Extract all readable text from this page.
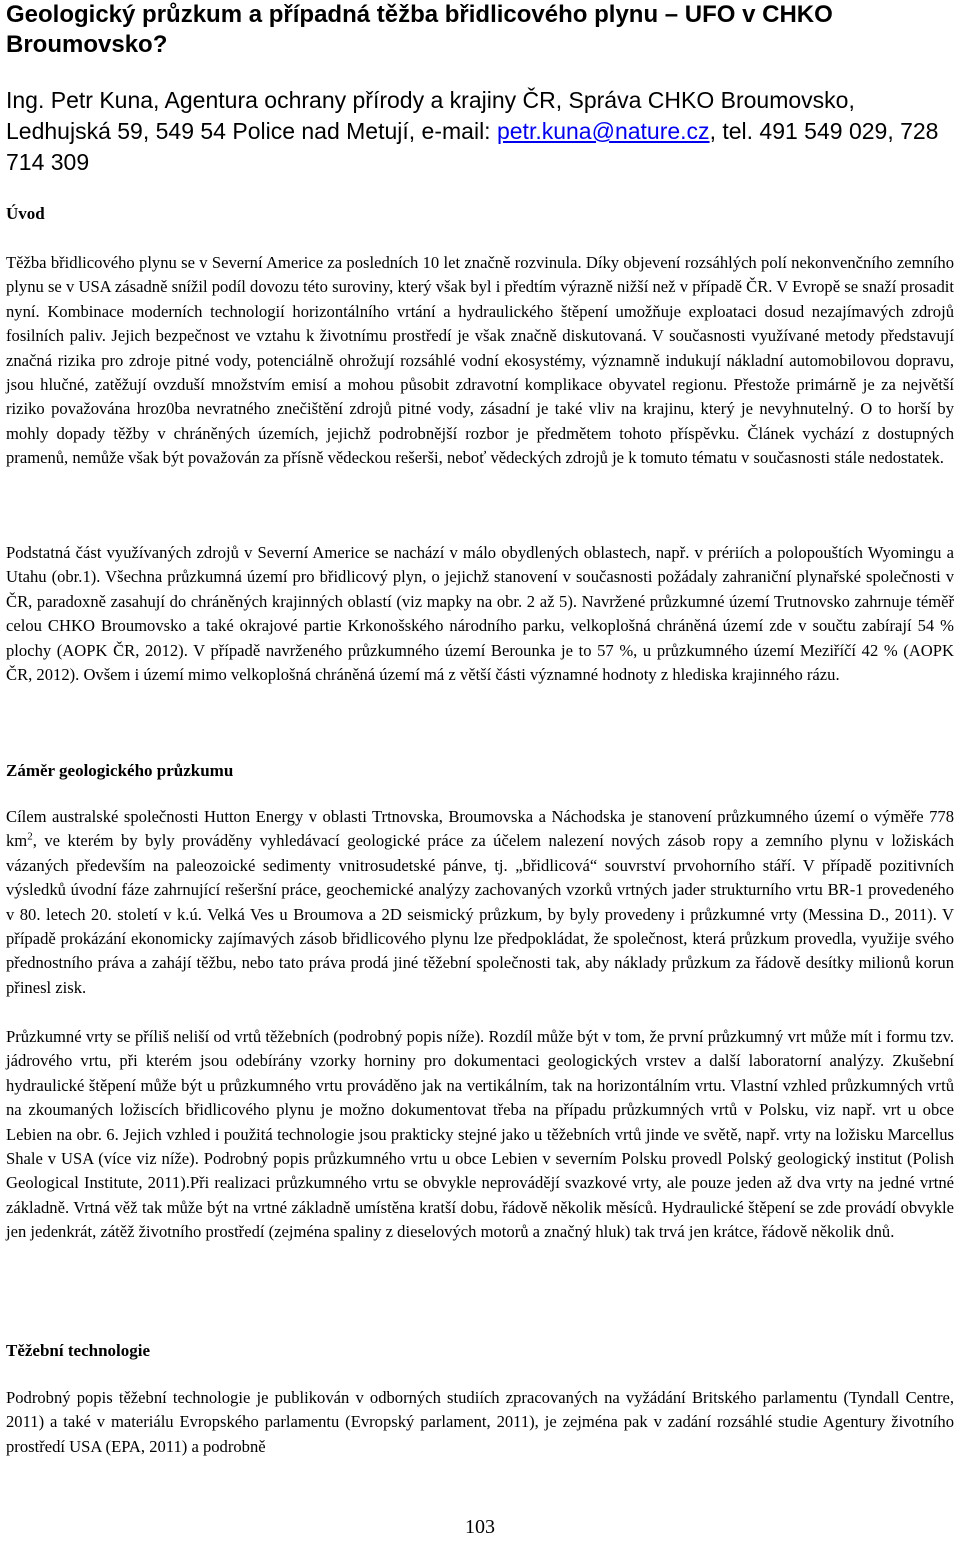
Geologický průzkum a případná těžba břidlicového plynu – UFO v CHKO Broumovsko?
Ing. Petr Kuna, Agentura ochrany přírody a krajiny ČR, Správa CHKO Broumovsko, Ledhujská 59, 549 54 Police nad Metují, e-mail: petr.kuna@nature.cz, tel. 491 549 029, 728 714 309
Úvod

Těžba břidlicového plynu se v Severní Americe za posledních 10 let značně rozvinula. Díky objevení rozsáhlých polí nekonvenčního zemního plynu se v USA zásadně snížil podíl dovozu této suroviny, který však byl i předtím výrazně nižší než v případě ČR. V Evropě se snaží prosadit nyní. Kombinace moderních technologií horizontálního vrtání a hydraulického štěpení umožňuje exploataci dosud nezajímavých zdrojů fosilních paliv. Jejich bezpečnost ve vztahu k životnímu prostředí je však značně diskutovaná. V současnosti využívané metody představují značná rizika pro zdroje pitné vody, potenciálně ohrožují rozsáhlé vodní ekosystémy, významně indukují nákladní automobilovou dopravu, jsou hlučné, zatěžují ovzduší množstvím emisí a mohou působit zdravotní komplikace obyvatel regionu. Přestože primárně je za největší riziko považována hroz0ba nevratného znečištění zdrojů pitné vody, zásadní je také vliv na krajinu, který je nevyhnutelný. O to horší by mohly dopady těžby v chráněných územích, jejichž podrobnější rozbor je předmětem tohoto příspěvku. Článek vychází z dostupných pramenů, nemůže však být považován za přísně vědeckou rešerši, neboť vědeckých zdrojů je k tomuto tématu v současnosti stále nedostatek.

Podstatná část využívaných zdrojů v Severní Americe se nachází v málo obydlených oblastech, např. v prériích a polopouštích Wyomingu a Utahu (obr.1). Všechna průzkumná území pro břidlicový plyn, o jejichž stanovení v současnosti požádaly zahraniční plynařské společnosti v ČR, paradoxně zasahují do chráněných krajinných oblastí (viz mapky na obr. 2 až 5). Navržené průzkumné území Trutnovsko zahrnuje téměř celou CHKO Broumovsko a také okrajové partie Krkonošského národního parku, velkoplošná chráněná území zde v součtu zabírají 54 % plochy (AOPK ČR, 2012). V případě navrženého průzkumného území Berounka je to 57 %, u průzkumného území Meziříčí 42 % (AOPK ČR, 2012). Ovšem i území mimo velkoplošná chráněná území má z větší části významné hodnoty z hlediska krajinného rázu.

Záměr geologického průzkumu

Cílem australské společnosti Hutton Energy v oblasti Trtnovska, Broumovska a Náchodska je stanovení průzkumného území o výměře 778 $km^2$, ve kterém by byly prováděny vyhledávací geologické práce za účelem nalezení nových zásob ropy a zemního plynu v ložiskách vázaných především na paleozoické sedimenty vnitrosudetské pánve, tj. „břidlicová“ souvrství prvohorního stáří. V případě pozitivních výsledků úvodní fáze zahrnující rešeršní práce, geochemické analýzy zachovaných vzorků vrtných jader strukturního vrtu BR-1 provedeného v 80. letech 20. století v k.ú. Velká Ves u Broumova a 2D seismický průzkum, by byly provedeny i průzkumné vrty (Messina D., 2011). V případě prokázání ekonomicky zajímavých zásob břidlicového plynu lze předpokládat, že společnost, která průzkum provedla, využije svého přednostního práva a zahájí těžbu, nebo tato práva prodá jiné těžební společnosti tak, aby náklady průzkum za řádově desítky milionů korun přinesl zisk.

Průzkumné vrty se příliš neliší od vrtů těžebních (podrobný popis níže). Rozdíl může být v tom, že první průzkumný vrt může mít i formu tzv. jádrového vrtu, při kterém jsou odebírány vzorky horniny pro dokumentaci geologických vrstev a další laboratorní analýzy. Zkušební hydraulické štěpení může být u průzkumného vrtu prováděno jak na vertikálním, tak na horizontálním vrtu. Vlastní vzhled průzkumných vrtů na zkoumaných ložiscích břidlicového plynu je možno dokumentovat třeba na případu průzkumných vrtů v Polsku, viz např. vrt u obce Lebien na obr. 6. Jejich vzhled i použitá technologie jsou prakticky stejné jako u těžebních vrtů jinde ve světě, např. vrty na ložisku Marcellus Shale v USA (více viz níže). Podrobný popis průzkumného vrtu u obce Lebien v severním Polsku provedl Polský geologický institut (Polish Geological Institute, 2011).Při realizaci průzkumného vrtu se obvykle neprovádějí svazkové vrty, ale pouze jeden až dva vrty na jedné vrtné základně. Vrtná věž tak může být na vrtné základně umístěna kratší dobu, řádově několik měsíců. Hydraulické štěpení se zde provádí obvykle jen jedenkrát, zátěž životního prostředí (zejména spaliny z dieselových motorů a značný hluk) tak trvá jen krátce, řádově několik dnů.

Těžební technologie

Podrobný popis těžební technologie je publikován v odborných studiích zpracovaných na vyžádání Britského parlamentu (Tyndall Centre, 2011) a také v materiálu Evropského parlamentu (Evropský parlament, 2011), je zejména pak v zadání rozsáhlé studie Agentury životního prostředí USA (EPA, 2011) a podrobně

103
